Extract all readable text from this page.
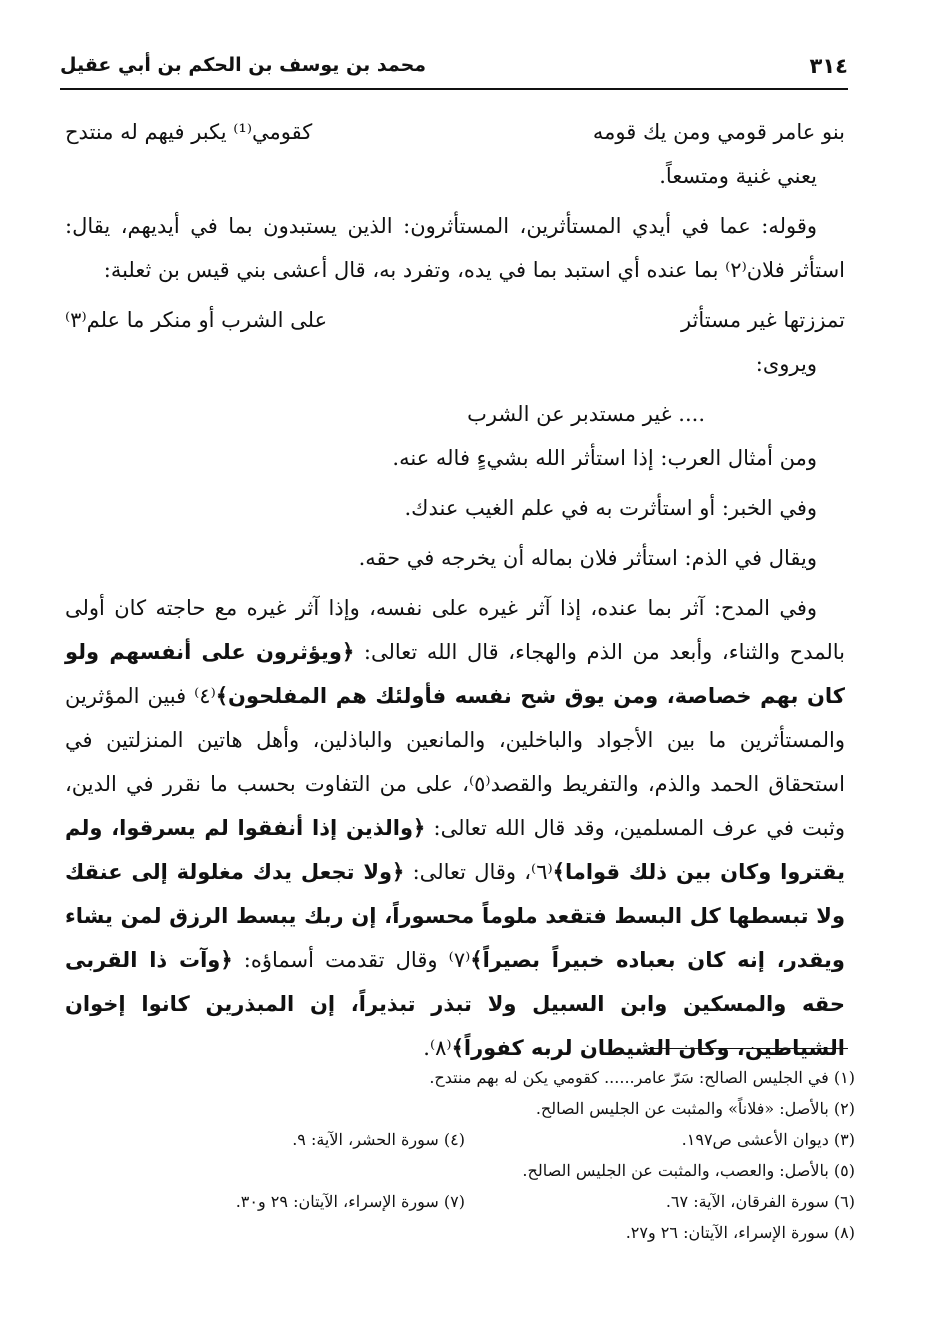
٣١٤
محمد بن يوسف بن الحكم بن أبي عقيل
بنو عامر قومي ومن يك قومه
كقومي⁽¹⁾ يكبر فيهم له منتدح

يعني غنية ومتسعاً.

وقوله: عما في أيدي المستأثرين، المستأثرون: الذين يستبدون بما في أيديهم، يقال: استأثر فلان⁽٢⁾ بما عنده أي استبد بما في يده، وتفرد به، قال أعشى بني قيس بن ثعلبة:

تمززتها غير مستأثر
على الشرب أو منكر ما علم⁽٣⁾

ويروى:

.... غير مستدبر عن الشرب

ومن أمثال العرب: إذا استأثر الله بشيءٍ فاله عنه.

وفي الخبر: أو استأثرت به في علم الغيب عندك.

ويقال في الذم: استأثر فلان بماله أن يخرجه في حقه.

وفي المدح: آثر بما عنده، إذا آثر غيره على نفسه، وإذا آثر غيره مع حاجته كان أولى بالمدح والثناء، وأبعد من الذم والهجاء، قال الله تعالى: ﴿ويؤثرون على أنفسهم ولو كان بهم خصاصة، ومن يوق شح نفسه فأولئك هم المفلحون﴾⁽٤⁾ فبين المؤثرين والمستأثرين ما بين الأجواد والباخلين، والمانعين والباذلين، وأهل هاتين المنزلتين في استحقاق الحمد والذم، والتفريط والقصد⁽٥⁾، على من التفاوت بحسب ما نقرر في الدين، وثبت في عرف المسلمين، وقد قال الله تعالى: ﴿والذين إذا أنفقوا لم يسرقوا، ولم يقتروا وكان بين ذلك قواما﴾⁽٦⁾، وقال تعالى: ﴿ولا تجعل يدك مغلولة إلى عنقك ولا تبسطها كل البسط فتقعد ملوماً محسوراً، إن ربك يبسط الرزق لمن يشاء ويقدر، إنه كان بعباده خبيراً بصيراً﴾⁽٧⁾ وقال تقدمت أسماؤه: ﴿وآت ذا القربى حقه والمسكين وابن السبيل ولا تبذر تبذيراً، إن المبذرين كانوا إخوان الشياطين، وكان الشيطان لربه كفوراً﴾⁽٨⁾.

(١) في الجليس الصالح: سَرّ عامر...... كقومي يكن له بهم منتدح.
(٢) بالأصل: «فلاناً» والمثبت عن الجليس الصالح.
(٣) ديوان الأعشى ص١٩٧.
(٤) سورة الحشر، الآية: ٩.
(٥) بالأصل: والعصب، والمثبت عن الجليس الصالح.
(٦) سورة الفرقان، الآية: ٦٧.
(٧) سورة الإسراء، الآيتان: ٢٩ و٣٠.
(٨) سورة الإسراء، الآيتان: ٢٦ و٢٧.
